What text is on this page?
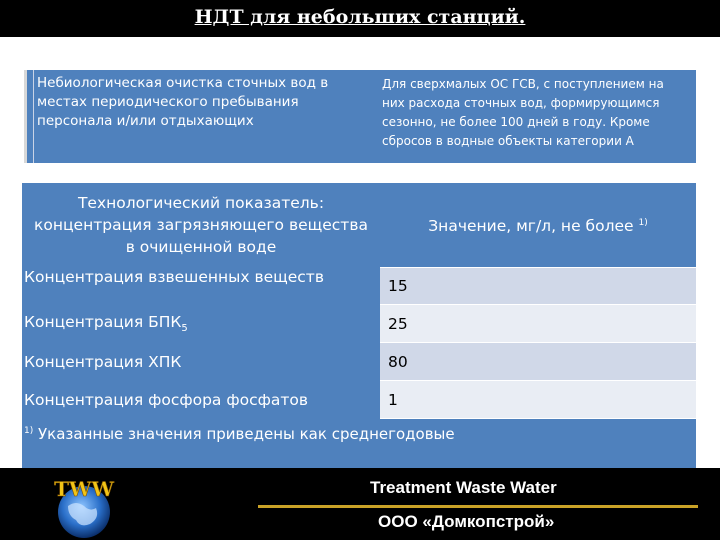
НДТ для небольших станций.
Небиологическая очистка сточных вод в
местах периодического пребывания
персонала и/или отдыхающих
Для сверхмалых ОС ГСВ, с поступлением на
них расхода сточных вод, формирующимся
сезонно, не более 100 дней в году. Кроме
сбросов в водные объекты категории А
Технологический показатель:
концентрация загрязняющего вещества
в очищенной воде	Значение, мг/л, не более $^{1)}$
Концентрация взвешенных веществ	15
Концентрация $БПК_5$	25
Концентрация ХПК	80
Концентрация фосфора фосфатов	1
$^{1)}$ Указанные значения приведены как среднегодовые	
TWW	Treatment Waste Water
ООО «Домкопстрой»
